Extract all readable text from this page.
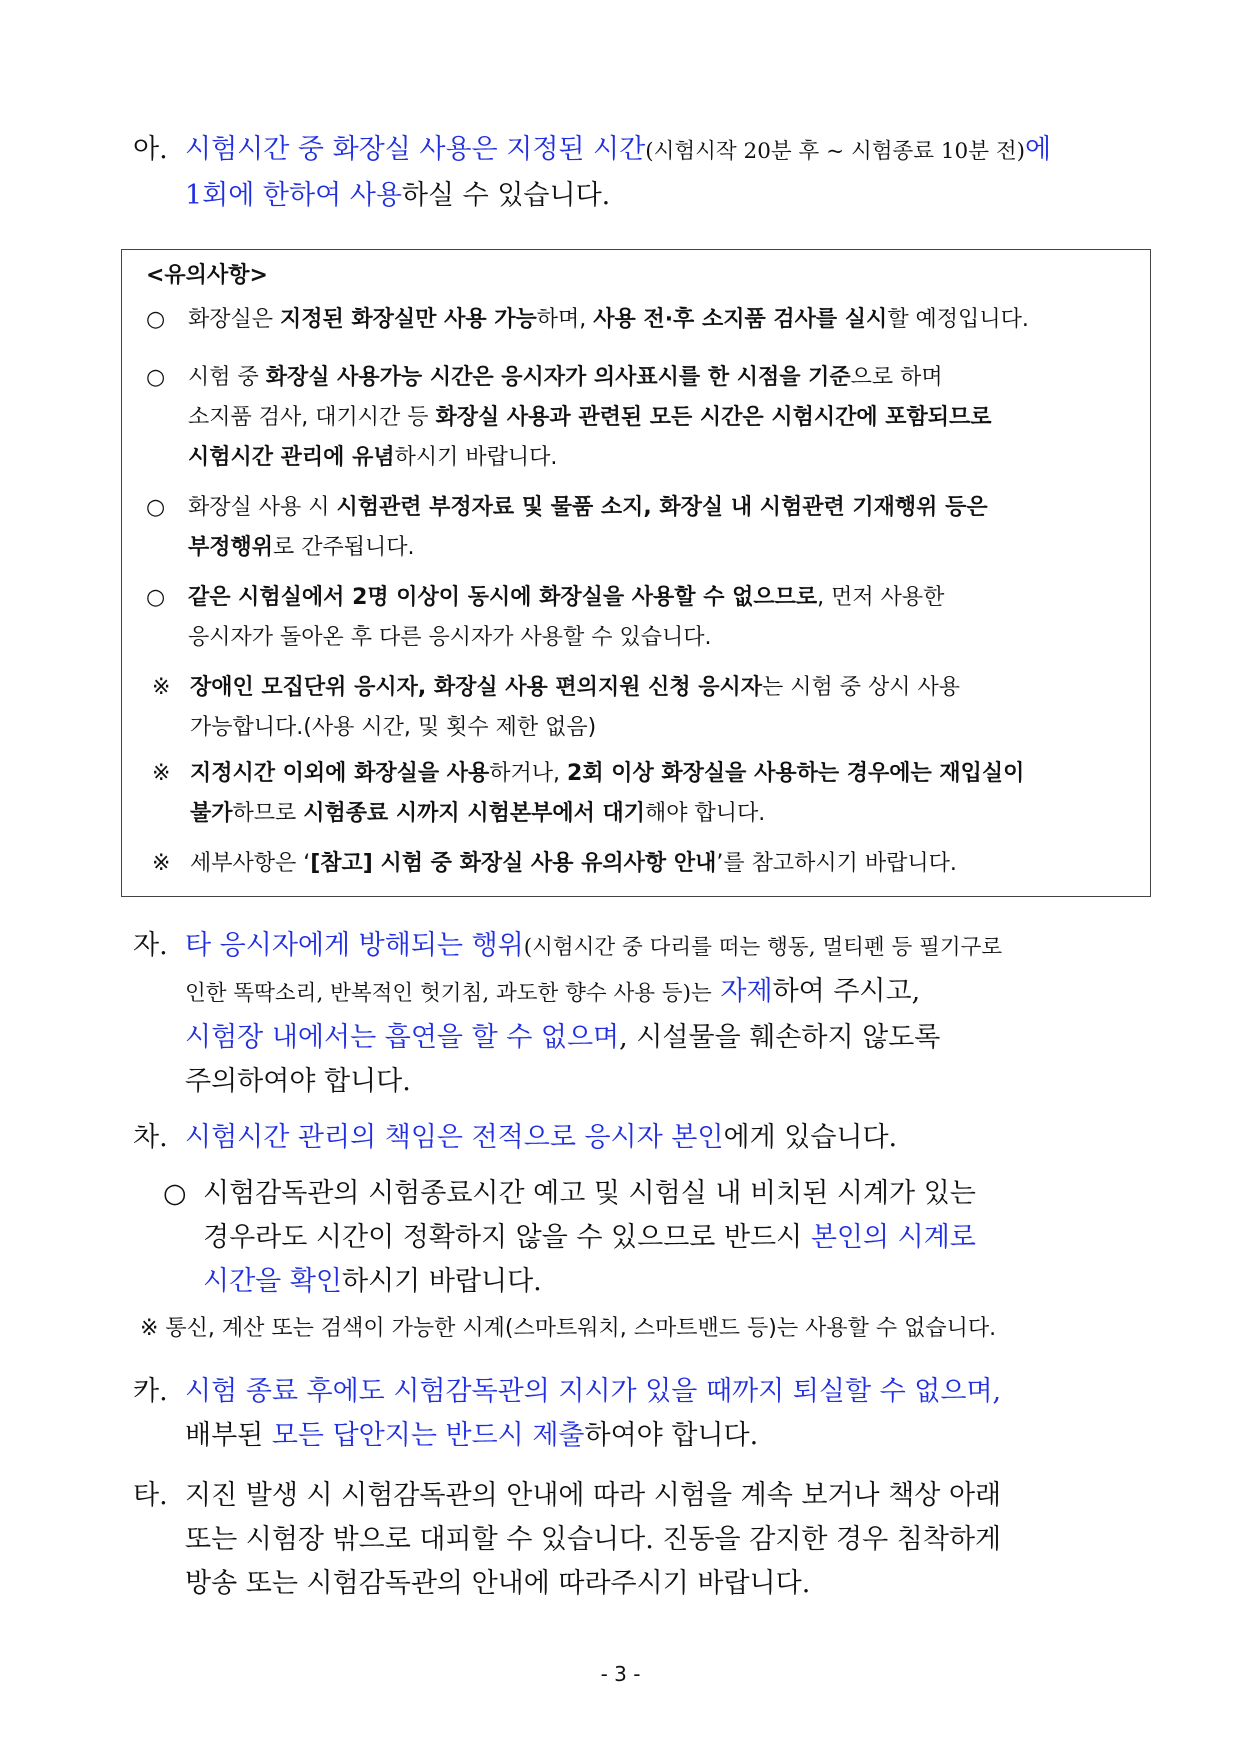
아. 시험시간 중 화장실 사용은 지정된 시간(시험시작 20분 후 ~ 시험종료 10분 전)에
1회에 한하여 사용하실 수 있습니다.
<유의사항>
○	화장실은 지정된 화장실만 사용 가능하며, 사용 전·후 소지품 검사를 실시할 예정입니다.
○	시험 중 화장실 사용가능 시간은 응시자가 의사표시를 한 시점을 기준으로 하며
소지품 검사, 대기시간 등 화장실 사용과 관련된 모든 시간은 시험시간에 포함되므로
시험시간 관리에 유념하시기 바랍니다.
○	화장실 사용 시 시험관련 부정자료 및 물품 소지, 화장실 내 시험관련 기재행위 등은
부정행위로 간주됩니다.
○	같은 시험실에서 2명 이상이 동시에 화장실을 사용할 수 없으므로, 먼저 사용한
응시자가 돌아온 후 다른 응시자가 사용할 수 있습니다.
※ 장애인 모집단위 응시자, 화장실 사용 편의지원 신청 응시자는 시험 중 상시 사용
가능합니다.(사용 시간, 및 횟수 제한 없음)
※ 지정시간 이외에 화장실을 사용하거나, 2회 이상 화장실을 사용하는 경우에는 재입실이
불가하므로 시험종료 시까지 시험본부에서 대기해야 합니다.
※ 세부사항은 ‘[참고] 시험 중 화장실 사용 유의사항 안내’를 참고하시기 바랍니다.
자. 타 응시자에게 방해되는 행위(시험시간 중 다리를 떠는 행동, 멀티펜 등 필기구로
인한 똑딱소리, 반복적인 헛기침, 과도한 향수 사용 등)는 자제하여 주시고,
시험장 내에서는 흡연을 할 수 없으며, 시설물을 훼손하지 않도록
주의하여야 합니다.
차. 시험시간 관리의 책임은 전적으로 응시자 본인에게 있습니다.
○ 시험감독관의 시험종료시간 예고 및 시험실 내 비치된 시계가 있는
경우라도 시간이 정확하지 않을 수 있으므로 반드시 본인의 시계로
시간을 확인하시기 바랍니다.
※ 통신, 계산 또는 검색이 가능한 시계(스마트워치, 스마트밴드 등)는 사용할 수 없습니다.
카. 시험 종료 후에도 시험감독관의 지시가 있을 때까지 퇴실할 수 없으며,
배부된 모든 답안지는 반드시 제출하여야 합니다.
타. 지진 발생 시 시험감독관의 안내에 따라 시험을 계속 보거나 책상 아래
또는 시험장 밖으로 대피할 수 있습니다. 진동을 감지한 경우 침착하게
방송 또는 시험감독관의 안내에 따라주시기 바랍니다.
- 3 -
